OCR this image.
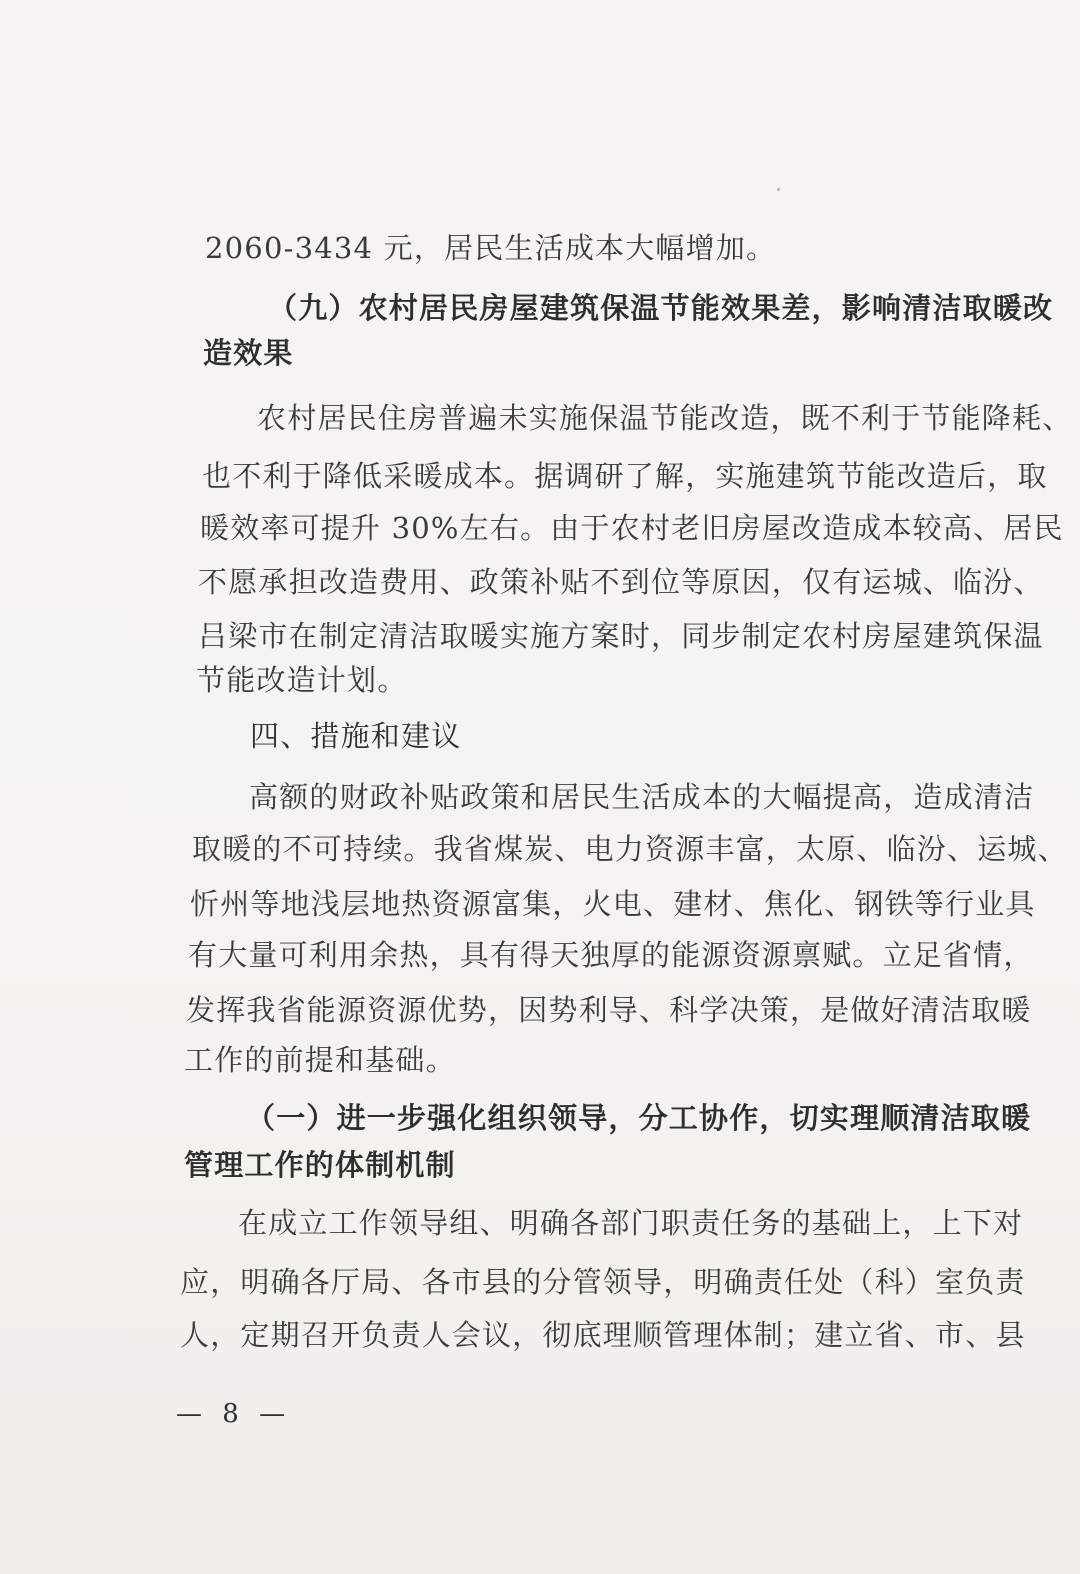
2060-3434 元，居民生活成本大幅增加。
（九）农村居民房屋建筑保温节能效果差，影响清洁取暖改
造效果
农村居民住房普遍未实施保温节能改造，既不利于节能降耗、
也不利于降低采暖成本。据调研了解，实施建筑节能改造后，取
暖效率可提升 30%左右。由于农村老旧房屋改造成本较高、居民
不愿承担改造费用、政策补贴不到位等原因，仅有运城、临汾、
吕梁市在制定清洁取暖实施方案时，同步制定农村房屋建筑保温
节能改造计划。
四、措施和建议
高额的财政补贴政策和居民生活成本的大幅提高，造成清洁
取暖的不可持续。我省煤炭、电力资源丰富，太原、临汾、运城、
忻州等地浅层地热资源富集，火电、建材、焦化、钢铁等行业具
有大量可利用余热，具有得天独厚的能源资源禀赋。立足省情，
发挥我省能源资源优势，因势利导、科学决策，是做好清洁取暖
工作的前提和基础。
（一）进一步强化组织领导，分工协作，切实理顺清洁取暖
管理工作的体制机制
在成立工作领导组、明确各部门职责任务的基础上，上下对
应，明确各厅局、各市县的分管领导，明确责任处（科）室负责
人，定期召开负责人会议，彻底理顺管理体制；建立省、市、县
— 8 —
